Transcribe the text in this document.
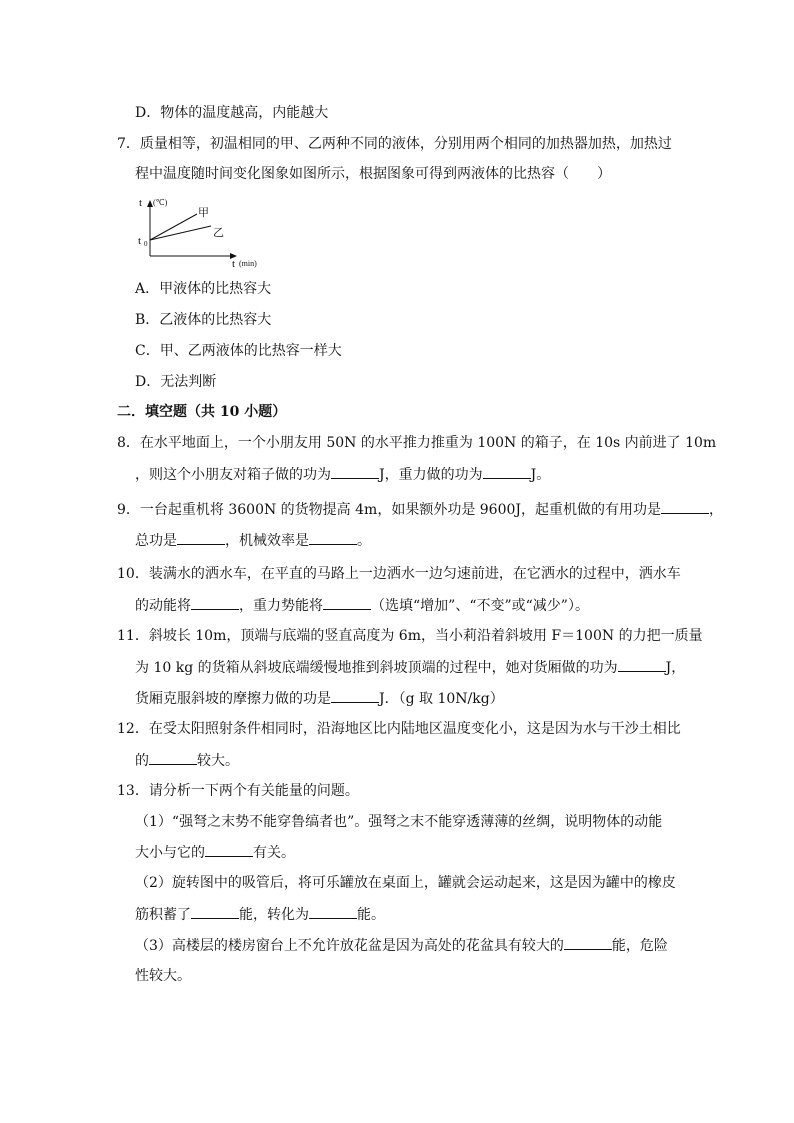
D．物体的温度越高，内能越大
7．质量相等，初温相同的甲、乙两种不同的液体，分别用两个相同的加热器加热，加热过
程中温度随时间变化图象如图所示，根据图象可得到两液体的比热容（　　）
t (℃)
甲
乙
t 0
t (min)
A．甲液体的比热容大
B．乙液体的比热容大
C．甲、乙两液体的比热容一样大
D．无法判断
二．填空题（共 10 小题）
8．在水平地面上，一个小朋友用 50N 的水平推力推重为 100N 的箱子，在 10s 内前进了 10m
，则这个小朋友对箱子做的功为	J，重力做的功为	J。
9．一台起重机将 3600N 的货物提高 4m，如果额外功是 9600J，起重机做的有用功是	，
总功是	，机械效率是	。
10．装满水的洒水车，在平直的马路上一边洒水一边匀速前进，在它洒水的过程中，洒水车
的动能将	，重力势能将	（选填“增加”、“不变”或“减少”）。
11．斜坡长 10m，顶端与底端的竖直高度为 6m，当小莉沿着斜坡用 F＝100N 的力把一质量
为 10 kg 的货箱从斜坡底端缓慢地推到斜坡顶端的过程中，她对货厢做的功为	J，
货厢克服斜坡的摩擦力做的功是	J．（g 取 10N/kg）
12．在受太阳照射条件相同时，沿海地区比内陆地区温度变化小，这是因为水与干沙土相比
的	较大。
13．请分析一下两个有关能量的问题。
（1）“强弩之末势不能穿鲁缟者也”。强弩之末不能穿透薄薄的丝绸，说明物体的动能
大小与它的	有关。
（2）旋转图中的吸管后，将可乐罐放在桌面上，罐就会运动起来，这是因为罐中的橡皮
筋积蓄了	能，转化为	能。
（3）高楼层的楼房窗台上不允许放花盆是因为高处的花盆具有较大的	能，危险
性较大。
